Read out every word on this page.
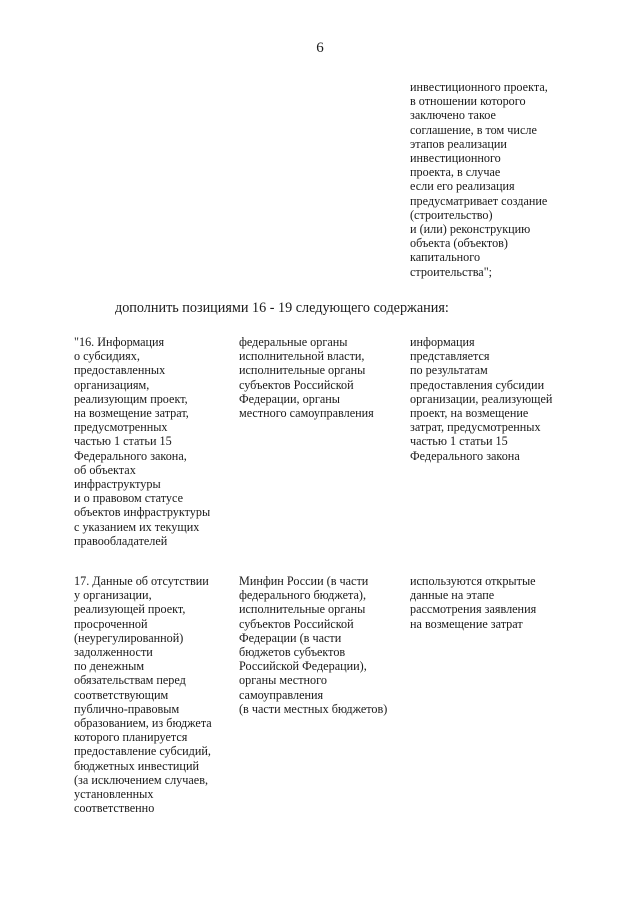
6
инвестиционного проекта,
в отношении которого
заключено такое
соглашение, в том числе
этапов реализации
инвестиционного
проекта, в случае
если его реализация
предусматривает создание
(строительство)
и (или) реконструкцию
объекта (объектов)
капитального
строительства";
дополнить позициями 16 - 19 следующего содержания:
"16. Информация
о субсидиях,
предоставленных
организациям,
реализующим проект,
на возмещение затрат,
предусмотренных
частью 1 статьи 15
Федерального закона,
об объектах
инфраструктуры
и о правовом статусе
объектов инфраструктуры
с указанием их текущих
правообладателей
федеральные органы
исполнительной власти,
исполнительные органы
субъектов Российской
Федерации, органы
местного самоуправления
информация
представляется
по результатам
предоставления субсидии
организации, реализующей
проект, на возмещение
затрат, предусмотренных
частью 1 статьи 15
Федерального закона
17. Данные об отсутствии
у организации,
реализующей проект,
просроченной
(неурегулированной)
задолженности
по денежным
обязательствам перед
соответствующим
публично-правовым
образованием, из бюджета
которого планируется
предоставление субсидий,
бюджетных инвестиций
(за исключением случаев,
установленных
соответственно
Минфин России (в части
федерального бюджета),
исполнительные органы
субъектов Российской
Федерации (в части
бюджетов субъектов
Российской Федерации),
органы местного
самоуправления
(в части местных бюджетов)
используются открытые
данные на этапе
рассмотрения заявления
на возмещение затрат
